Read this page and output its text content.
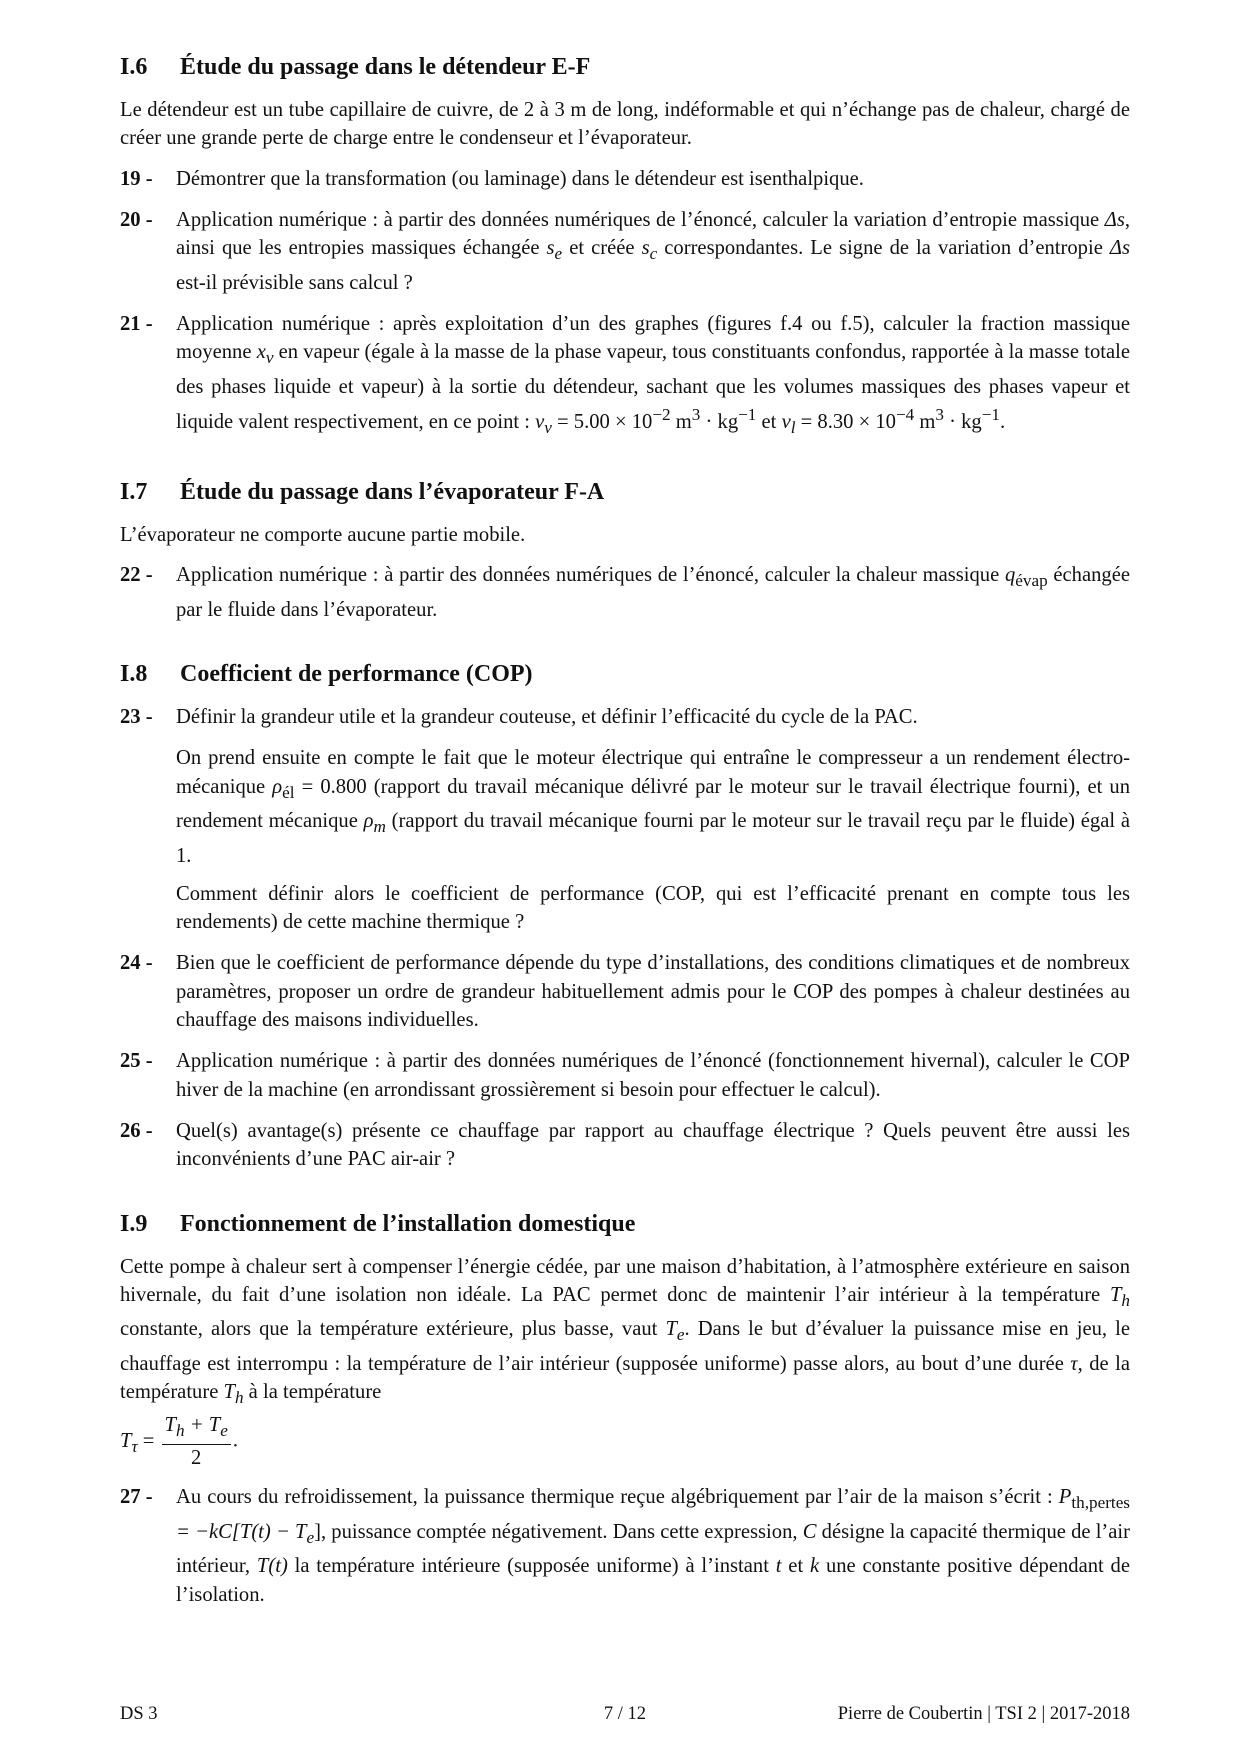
I.6 Étude du passage dans le détendeur E-F

Le détendeur est un tube capillaire de cuivre, de 2 à 3 m de long, indéformable et qui n’échange pas de chaleur, chargé de créer une grande perte de charge entre le condenseur et l’évaporateur.

19 - Démontrer que la transformation (ou laminage) dans le détendeur est isenthalpique.

20 - Application numérique : à partir des données numériques de l’énoncé, calculer la variation d’entropie massique Δs, ainsi que les entropies massiques échangée $s_e$ et créée $s_c$ correspondantes. Le signe de la variation d’entropie Δs est-il prévisible sans calcul ?

21 - Application numérique : après exploitation d’un des graphes (figures f.4 ou f.5), calculer la fraction massique moyenne $x_v$ en vapeur (égale à la masse de la phase vapeur, tous constituants confondus, rapportée à la masse totale des phases liquide et vapeur) à la sortie du détendeur, sachant que les volumes massiques des phases vapeur et liquide valent respectivement, en ce point : $v_v = 5.00 \times 10^{-2}$ $m^3 \cdot kg^{-1}$ et $v_l = 8.30 \times 10^{-4}$ $m^3 \cdot kg^{-1}$.

I.7 Étude du passage dans l’évaporateur F-A

L’évaporateur ne comporte aucune partie mobile.

22 - Application numérique : à partir des données numériques de l’énoncé, calculer la chaleur massique $q_{évap}$ échangée par le fluide dans l’évaporateur.

I.8 Coefficient de performance (COP)
23 - Définir la grandeur utile et la grandeur couteuse, et définir l’efficacité du cycle de la PAC.

On prend ensuite en compte le fait que le moteur électrique qui entraîne le compresseur a un rendement électro-mécanique $\rho_{él} = 0.800$ (rapport du travail mécanique délivré par le moteur sur le travail électrique fourni), et un rendement mécanique $\rho_m$ (rapport du travail mécanique fourni par le moteur sur le travail reçu par le fluide) égal à 1.

Comment définir alors le coefficient de performance (COP, qui est l’efficacité prenant en compte tous les rendements) de cette machine thermique ?

24 - Bien que le coefficient de performance dépende du type d’installations, des conditions climatiques et de nombreux paramètres, proposer un ordre de grandeur habituellement admis pour le COP des pompes à chaleur destinées au chauffage des maisons individuelles.

25 - Application numérique : à partir des données numériques de l’énoncé (fonctionnement hivernal), calculer le COP hiver de la machine (en arrondissant grossièrement si besoin pour effectuer le calcul).

26 - Quel(s) avantage(s) présente ce chauffage par rapport au chauffage électrique ? Quels peuvent être aussi les inconvénients d’une PAC air-air ?

I.9 Fonctionnement de l’installation domestique

Cette pompe à chaleur sert à compenser l’énergie cédée, par une maison d’habitation, à l’atmosphère extérieure en saison hivernale, du fait d’une isolation non idéale. La PAC permet donc de maintenir l’air intérieur à la température $T_h$ constante, alors que la température extérieure, plus basse, vaut $T_e$. Dans le but d’évaluer la puissance mise en jeu, le chauffage est interrompu : la température de l’air intérieur (supposée uniforme) passe alors, au bout d’une durée τ, de la température $T_h$ à la température
$T_\tau = \frac{T_h + T_e}{2}$ .

27 - Au cours du refroidissement, la puissance thermique reçue algébriquement par l’air de la maison s’écrit : $P_{th,pertes} = -kC[T(t) - T_e]$, puissance comptée négativement. Dans cette expression, C désigne la capacité thermique de l’air intérieur, T(t) la température intérieure (supposée uniforme) à l’instant t et k une constante positive dépendant de l’isolation.

DS 3	7 / 12	Pierre de Coubertin | TSI 2 | 2017-2018
